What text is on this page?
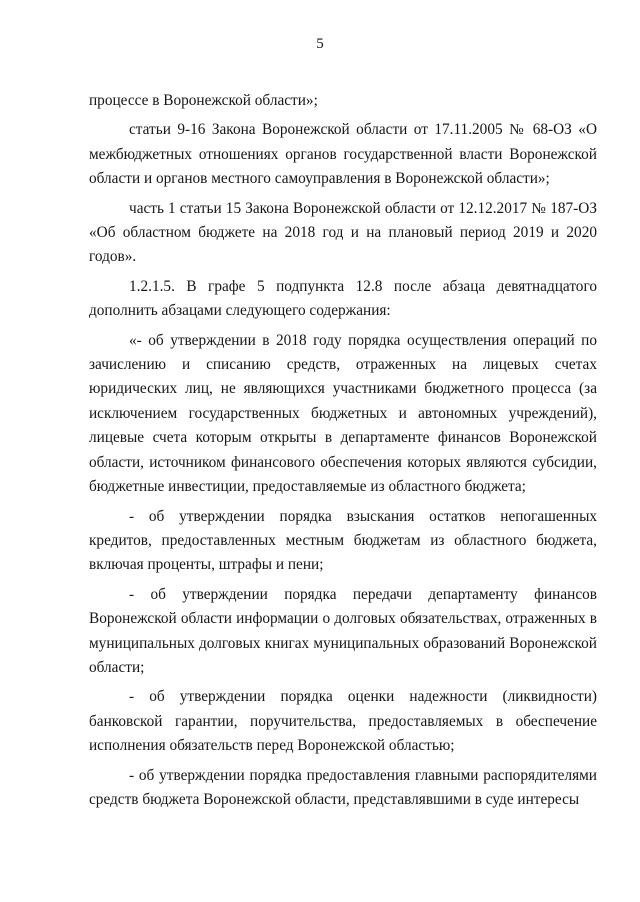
5

процессе в Воронежской области»;

статьи 9-16 Закона Воронежской области от 17.11.2005 № 68-ОЗ «О межбюджетных отношениях органов государственной власти Воронежской области и органов местного самоуправления в Воронежской области»;

часть 1 статьи 15 Закона Воронежской области от 12.12.2017 № 187-ОЗ «Об областном бюджете на 2018 год и на плановый период 2019 и 2020 годов».

1.2.1.5. В графе 5 подпункта 12.8 после абзаца девятнадцатого дополнить абзацами следующего содержания:

«- об утверждении в 2018 году порядка осуществления операций по зачислению и списанию средств, отраженных на лицевых счетах юридических лиц, не являющихся участниками бюджетного процесса (за исключением государственных бюджетных и автономных учреждений), лицевые счета которым открыты в департаменте финансов Воронежской области, источником финансового обеспечения которых являются субсидии, бюджетные инвестиции, предоставляемые из областного бюджета;

- об утверждении порядка взыскания остатков непогашенных кредитов, предоставленных местным бюджетам из областного бюджета, включая проценты, штрафы и пени;

- об утверждении порядка передачи департаменту финансов Воронежской области информации о долговых обязательствах, отраженных в муниципальных долговых книгах муниципальных образований Воронежской области;

- об утверждении порядка оценки надежности (ликвидности) банковской гарантии, поручительства, предоставляемых в обеспечение исполнения обязательств перед Воронежской областью;

- об утверждении порядка предоставления главными распорядителями средств бюджета Воронежской области, представлявшими в суде интересы
